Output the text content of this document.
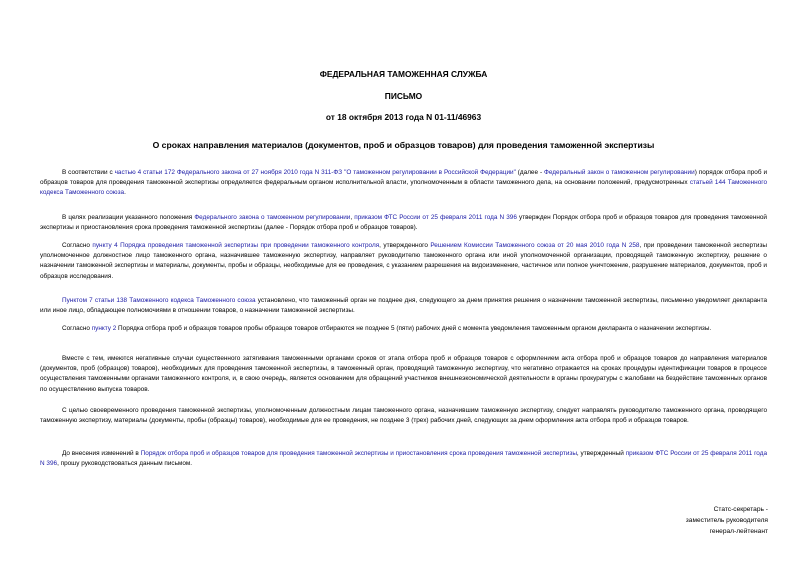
ФЕДЕРАЛЬНАЯ ТАМОЖЕННАЯ СЛУЖБА
ПИСЬМО
от 18 октября 2013 года N 01-11/46963
О сроках направления материалов (документов, проб и образцов товаров) для проведения таможенной экспертизы

В соответствии с частью 4 статьи 172 Федерального закона от 27 ноября 2010 года N 311-ФЗ "О таможенном регулировании в Российской Федерации" (далее - Федеральный закон о таможенном регулировании) порядок отбора проб и образцов товаров для проведения таможенной экспертизы определяется федеральным органом исполнительной власти, уполномоченным в области таможенного дела, на основании положений, предусмотренных статьей 144 Таможенного кодекса Таможенного союза.

В целях реализации указанного положения Федерального закона о таможенном регулировании, приказом ФТС России от 25 февраля 2011 года N 396 утвержден Порядок отбора проб и образцов товаров для проведения таможенной экспертизы и приостановления срока проведения таможенной экспертизы (далее - Порядок отбора проб и образцов товаров).

Согласно пункту 4 Порядка проведения таможенной экспертизы при проведении таможенного контроля, утвержденного Решением Комиссии Таможенного союза от 20 мая 2010 года N 258, при проведении таможенной экспертизы уполномоченное должностное лицо таможенного органа, назначившее таможенную экспертизу, направляет руководителю таможенного органа или иной уполномоченной организации, проводящей таможенную экспертизу, решение о назначении таможенной экспертизы и материалы, документы, пробы и образцы, необходимые для ее проведения, с указанием разрешения на видоизменение, частичное или полное уничтожение, разрушение материалов, документов, проб и образцов исследования.

Пунктом 7 статьи 138 Таможенного кодекса Таможенного союза установлено, что таможенный орган не позднее дня, следующего за днем принятия решения о назначении таможенной экспертизы, письменно уведомляет декларанта или иное лицо, обладающее полномочиями в отношении товаров, о назначении таможенной экспертизы.

Согласно пункту 2 Порядка отбора проб и образцов товаров пробы образцов товаров отбираются не позднее 5 (пяти) рабочих дней с момента уведомления таможенным органом декларанта о назначении экспертизы.

Вместе с тем, имеются негативные случаи существенного затягивания таможенными органами сроков от этапа отбора проб и образцов товаров с оформлением акта отбора проб и образцов товаров до направления материалов (документов, проб (образцов) товаров), необходимых для проведения таможенной экспертизы, в таможенный орган, проводящий таможенную экспертизу, что негативно отражается на сроках процедуры идентификации товаров в процессе осуществления таможенными органами таможенного контроля, и, в свою очередь, является основанием для обращений участников внешнеэкономической деятельности в органы прокуратуры с жалобами на бездействие таможенных органов по осуществлению выпуска товаров.

С целью своевременного проведения таможенной экспертизы, уполномоченным должностным лицам таможенного органа, назначившим таможенную экспертизу, следует направлять руководителю таможенного органа, проводящего таможенную экспертизу, материалы (документы, пробы (образцы) товаров), необходимые для ее проведения, не позднее 3 (трех) рабочих дней, следующих за днем оформления акта отбора проб и образцов товаров.

До внесения изменений в Порядок отбора проб и образцов товаров для проведения таможенной экспертизы и приостановления срока проведения таможенной экспертизы, утвержденный приказом ФТС России от 25 февраля 2011 года N 396, прошу руководствоваться данным письмом.

Статс-секретарь -
заместитель руководителя
генерал-лейтенант
